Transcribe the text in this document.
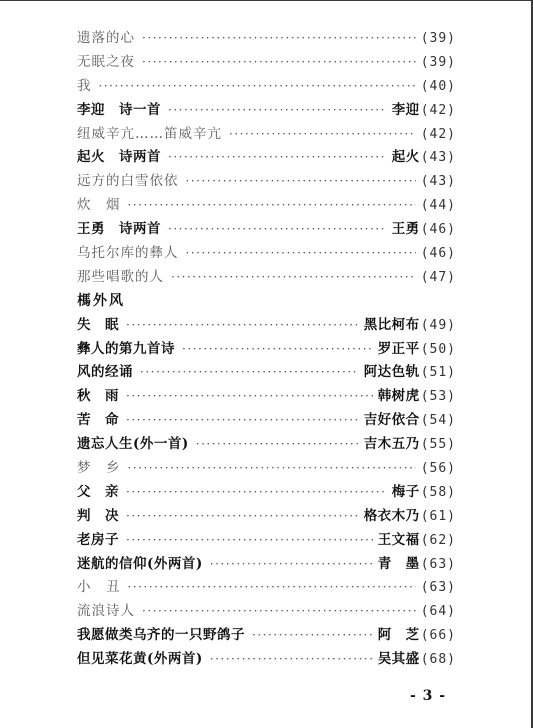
遗落的心 ·····	(39)
无眠之夜 ·····	(39)
我 ·····	(40)
李迎　诗一首 ·····	李迎 (42)
纽威辛亢……笛威辛亢 ·····	(42)
起火　诗两首 ·····	起火 (43)
远方的白雪依依 ·····	(43)
炊　烟 ·····	(44)
王勇　诗两首 ·····	王勇 (46)
乌托尔库的彝人 ·····	(46)
那些唱歌的人 ·····	(47)
榪外风
失　眠 ·····	黑比柯布 (49)
彝人的第九首诗 ·····	罗正平 (50)
风的经诵 ·····	阿达色轨 (51)
秋　雨 ·····	韩树虎 (53)
苦　命 ·····	吉好依合 (54)
遗忘人生(外一首) ·····	吉木五乃 (55)
梦　乡 ·····	(56)
父　亲 ·····	梅子 (58)
判　决 ·····	格衣木乃 (61)
老房子 ·····	王文福 (62)
迷航的信仰(外两首) ·····	青　墨 (63)
小　丑 ·····	(63)
流浪诗人 ·····	(64)
我愿做类乌齐的一只野鸽子 ·····	阿　芝 (66)
但见菜花黄(外两首) ·····	吴其盛 (68)
- 3 -
